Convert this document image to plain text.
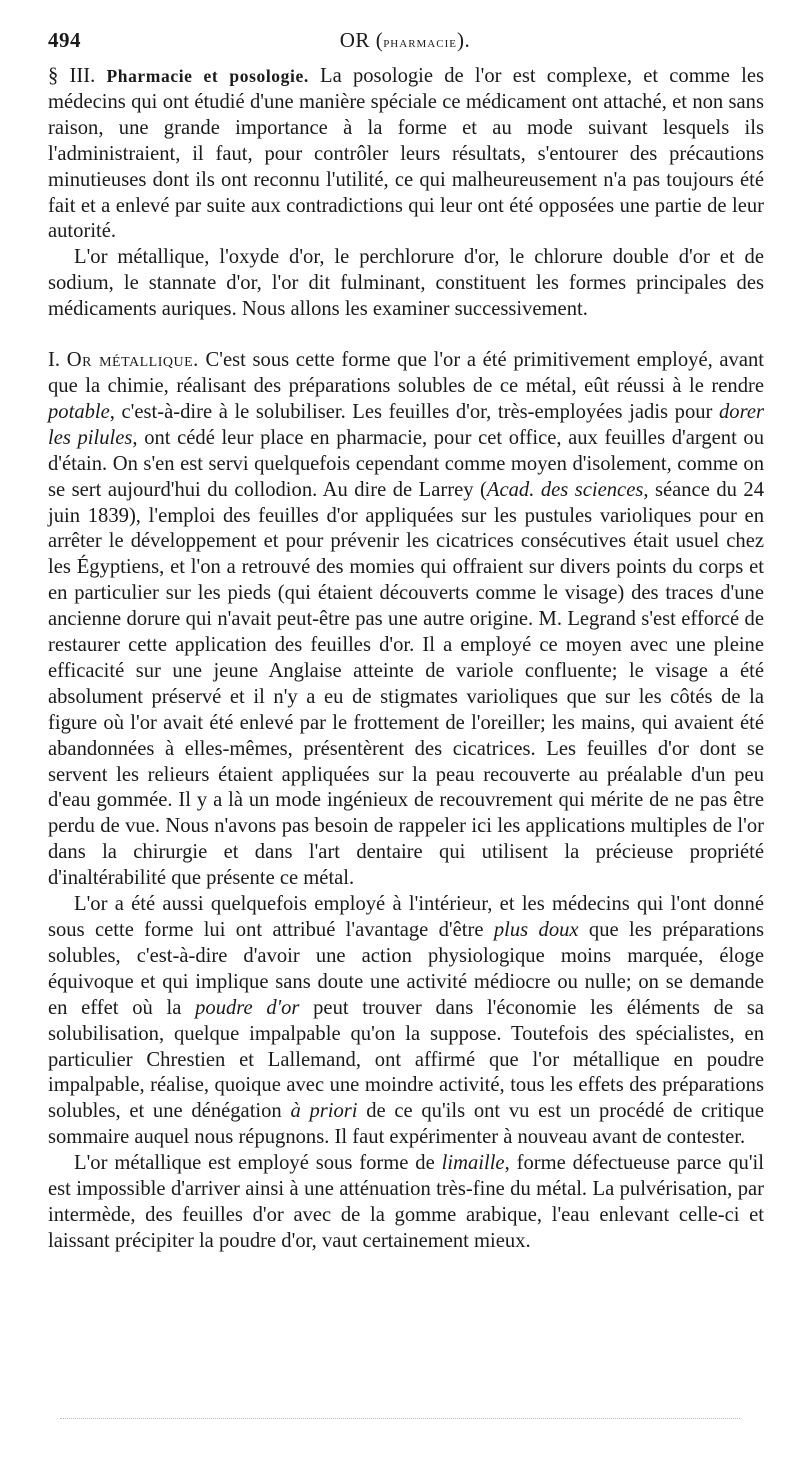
494	OR (pharmacie).

§ III. Pharmacie et posologie. La posologie de l'or est complexe, et comme les médecins qui ont étudié d'une manière spéciale ce médicament ont attaché, et non sans raison, une grande importance à la forme et au mode suivant lesquels ils l'administraient, il faut, pour contrôler leurs résultats, s'entourer des précautions minutieuses dont ils ont reconnu l'utilité, ce qui malheureusement n'a pas toujours été fait et a enlevé par suite aux contradictions qui leur ont été opposées une partie de leur autorité.

L'or métallique, l'oxyde d'or, le perchlorure d'or, le chlorure double d'or et de sodium, le stannate d'or, l'or dit fulminant, constituent les formes principales des médicaments auriques. Nous allons les examiner successivement.

I. Or métallique. C'est sous cette forme que l'or a été primitivement employé, avant que la chimie, réalisant des préparations solubles de ce métal, eût réussi à le rendre potable, c'est-à-dire à le solubiliser. Les feuilles d'or, très-employées jadis pour dorer les pilules, ont cédé leur place en pharmacie, pour cet office, aux feuilles d'argent ou d'étain. On s'en est servi quelquefois cependant comme moyen d'isolement, comme on se sert aujourd'hui du collodion. Au dire de Larrey (Acad. des sciences, séance du 24 juin 1839), l'emploi des feuilles d'or appliquées sur les pustules varioliques pour en arrêter le développement et pour prévenir les cicatrices consécutives était usuel chez les Égyptiens, et l'on a retrouvé des momies qui offraient sur divers points du corps et en particulier sur les pieds (qui étaient découverts comme le visage) des traces d'une ancienne dorure qui n'avait peut-être pas une autre origine. M. Legrand s'est efforcé de restaurer cette application des feuilles d'or. Il a employé ce moyen avec une pleine efficacité sur une jeune Anglaise atteinte de variole confluente; le visage a été absolument préservé et il n'y a eu de stigmates varioliques que sur les côtés de la figure où l'or avait été enlevé par le frottement de l'oreiller; les mains, qui avaient été abandonnées à elles-mêmes, présentèrent des cicatrices. Les feuilles d'or dont se servent les relieurs étaient appliquées sur la peau recouverte au préalable d'un peu d'eau gommée. Il y a là un mode ingénieux de recouvrement qui mérite de ne pas être perdu de vue. Nous n'avons pas besoin de rappeler ici les applications multiples de l'or dans la chirurgie et dans l'art dentaire qui utilisent la précieuse propriété d'inaltérabilité que présente ce métal.

L'or a été aussi quelquefois employé à l'intérieur, et les médecins qui l'ont donné sous cette forme lui ont attribué l'avantage d'être plus doux que les préparations solubles, c'est-à-dire d'avoir une action physiologique moins marquée, éloge équivoque et qui implique sans doute une activité médiocre ou nulle; on se demande en effet où la poudre d'or peut trouver dans l'économie les éléments de sa solubilisation, quelque impalpable qu'on la suppose. Toutefois des spécialistes, en particulier Chrestien et Lallemand, ont affirmé que l'or métallique en poudre impalpable, réalise, quoique avec une moindre activité, tous les effets des préparations solubles, et une dénégation à priori de ce qu'ils ont vu est un procédé de critique sommaire auquel nous répugnons. Il faut expérimenter à nouveau avant de contester.

L'or métallique est employé sous forme de limaille, forme défectueuse parce qu'il est impossible d'arriver ainsi à une atténuation très-fine du métal. La pulvérisation, par intermède, des feuilles d'or avec de la gomme arabique, l'eau enlevant celle-ci et laissant précipiter la poudre d'or, vaut certainement mieux.
